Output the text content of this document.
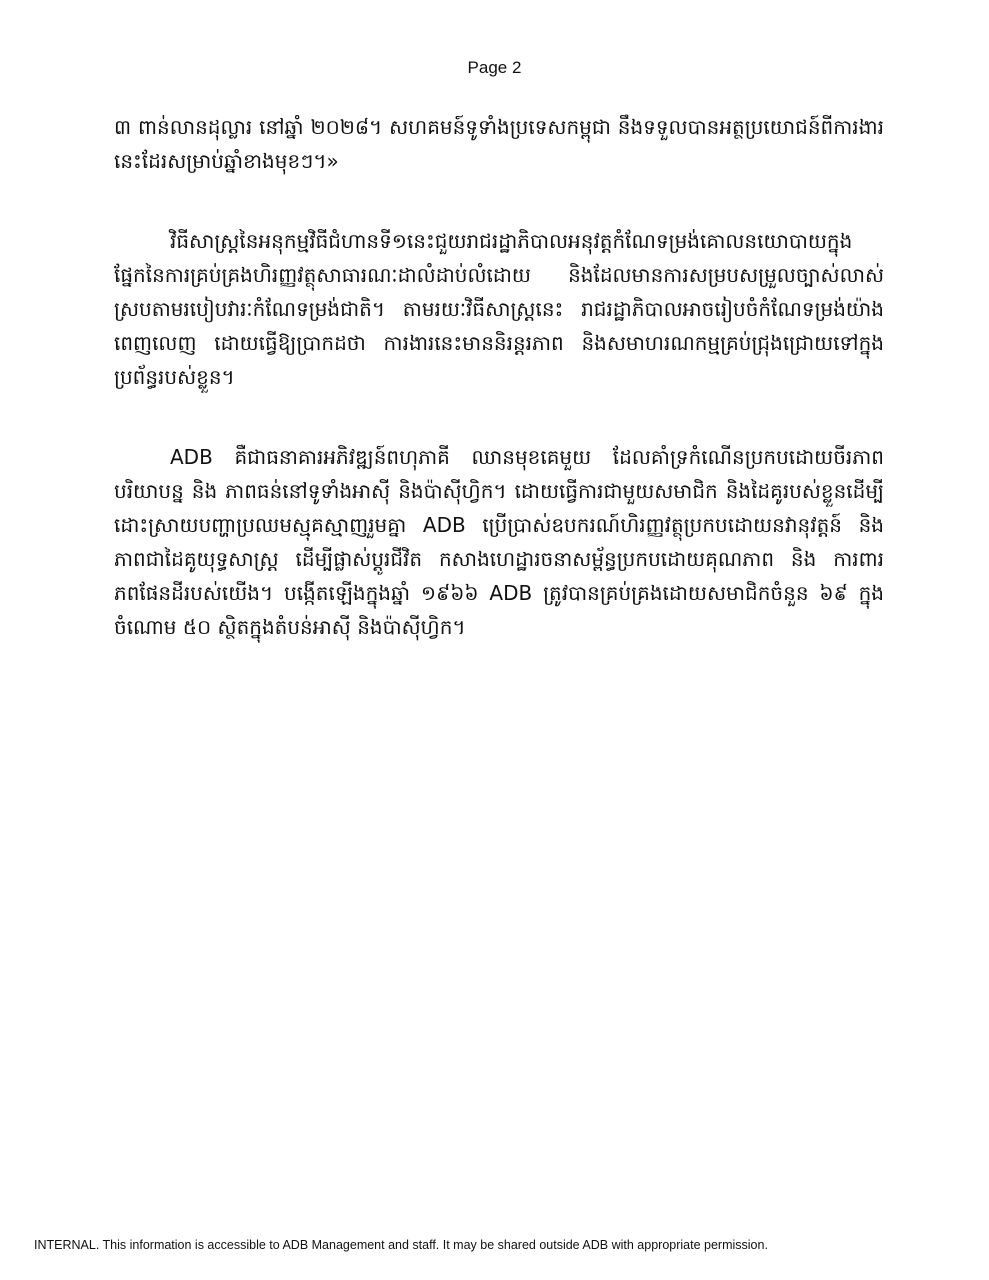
Page 2

៣ ពាន់លានដុល្លារ នៅឆ្នាំ ២០២៨។ សហគមន៍ទូទាំងប្រទេសកម្ពុជា នឹងទទួលបានអត្ថប្រយោជន៍ពីការងារនេះដែរសម្រាប់ឆ្នាំខាងមុខៗ។»

វិធីសាស្ត្រនៃអនុកម្មវិធីជំហានទី១នេះជួយរាជរដ្ឋាភិបាលអនុវត្តកំណែទម្រង់គោលនយោបាយក្នុងផ្នែកនៃការគ្រប់គ្រងហិរញ្ញវត្ថុសាធារណៈដាលំដាប់លំដោយ និងដែលមានការសម្របសម្រួលច្បាស់លាស់ស្របតាមរបៀបវារៈកំណែទម្រង់ជាតិ។ តាមរយៈវិធីសាស្ត្រនេះ រាជរដ្ឋាភិបាលអាចរៀបចំកំណែទម្រង់យ៉ាងពេញលេញ ដោយធ្វើឱ្យប្រាកដថា ការងារនេះមាននិរន្តរភាព និងសមាហរណកម្មគ្រប់ជ្រុងជ្រោយទៅក្នុងប្រព័ន្ធរបស់ខ្លួន។

ADB គឺជាធនាគារអភិវឌ្ឍន៍ពហុភាគី ឈានមុខគេមួយ ដែលគាំទ្រកំណើនប្រកបដោយចីរភាព បរិយាបន្ន និង ភាពធន់នៅទូទាំងអាស៊ី និងប៉ាស៊ីហ្វិក។ ដោយធ្វើការជាមួយសមាជិក និងដៃគូរបស់ខ្លួនដើម្បីដោះស្រាយបញ្ហាប្រឈមស្មុគស្មាញរួមគ្នា ADB ប្រើប្រាស់ឧបករណ៍ហិរញ្ញវត្ថុប្រកបដោយនវានុវត្តន៍ និង ភាពជាដៃគូយុទ្ធសាស្ត្រ ដើម្បីផ្លាស់ប្តូរជីវិត កសាងហេដ្ឋារចនាសម្ព័ន្ធប្រកបដោយគុណភាព និង ការពារភពផែនដីរបស់យើង។ បង្កើតឡើងក្នុងឆ្នាំ ១៩៦៦ ADB ត្រូវបានគ្រប់គ្រងដោយសមាជិកចំនួន ៦៩ ក្នុងចំណោម ៥០ ស្ថិតក្នុងតំបន់អាស៊ី និងប៉ាស៊ីហ្វិក។

INTERNAL. This information is accessible to ADB Management and staff. It may be shared outside ADB with appropriate permission.
